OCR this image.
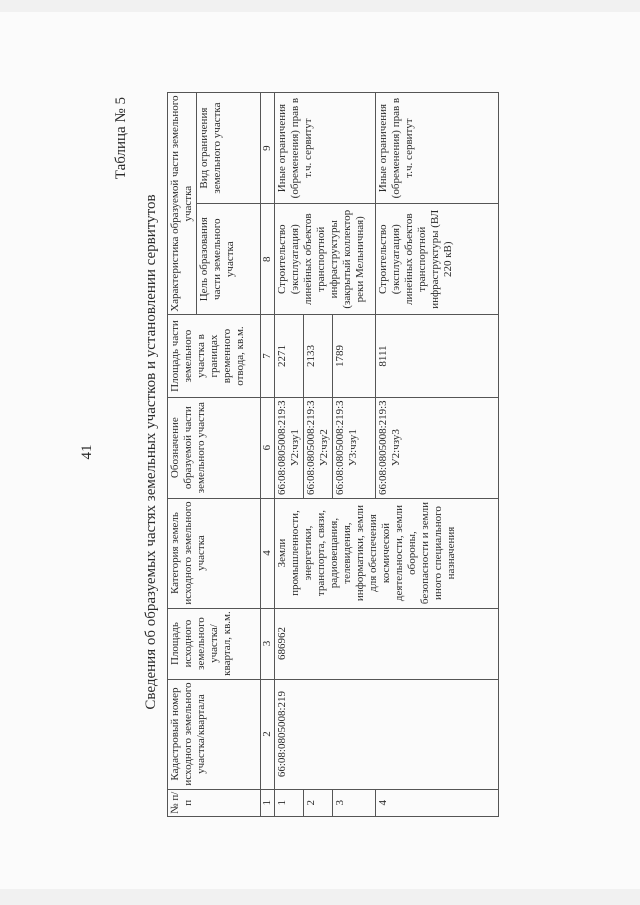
41
Таблица № 5
Сведения об образуемых частях земельных участков и установлении сервитутов
№ п/п	Кадастровый номер исходного земельного участка/квартала	Площадь исходного земельного участка/ квартал, кв.м.	Категория земель исходного земельного участка	Обозначение образуемой части земельного участка	Площадь части земельного участка в границах временного отвода, кв.м.	Характеристика образуемой части земельного участка	
						Цель образования части земельного участка	Вид ограничения земельного участка
1	2	3	4	6	7	8	9
1	66:08:0805008:219	686962	Земли промышленности, энергетики, транспорта, связи, радиовещания, телевидения, информатики, земли для обеспечения космической деятельности, земли обороны, безопасности и земли иного специального назначения	66:08:0805008:219:ЗУ2:чзу1	2271	Строительство (эксплуатация) линейных объектов транспортной инфраструктуры (закрытый коллектор реки Мельничная)	Иные ограничения (обременения) прав в т.ч. сервитут
2				66:08:0805008:219:ЗУ2:чзу2	2133		
3				66:08:0805008:219:ЗУ3:чзу1	1789		
4				66:08:0805008:219:ЗУ2:чзу3	8111	Строительство (эксплуатация) линейных объектов транспортной инфраструктуры (ВЛ 220 кВ)	Иные ограничения (обременения) прав в т.ч. сервитут
